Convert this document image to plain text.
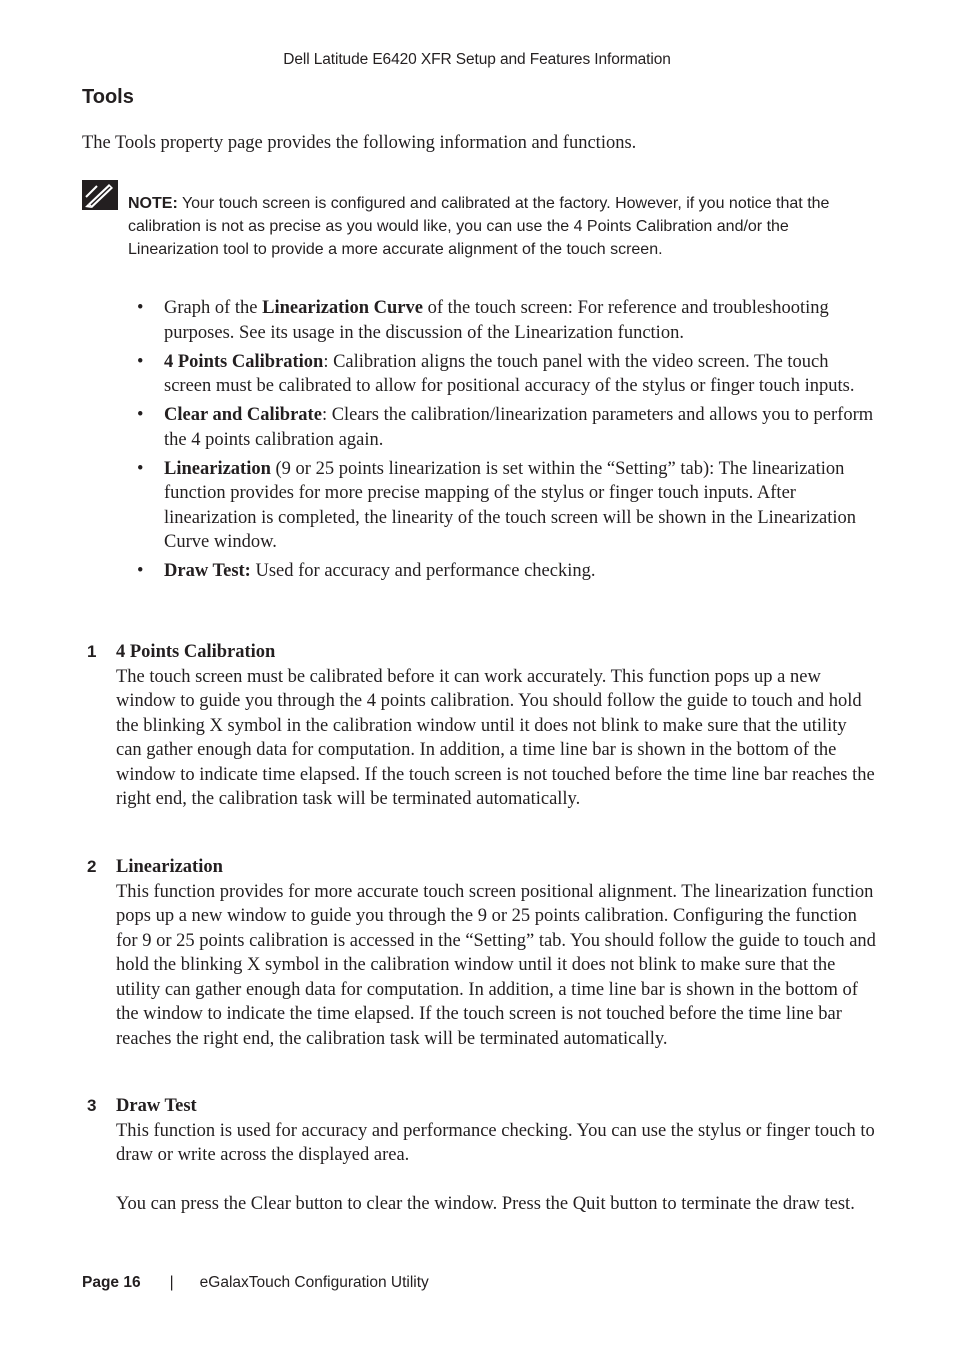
Dell Latitude E6420 XFR Setup and Features Information
Tools
The Tools property page provides the following information and functions.
NOTE: Your touch screen is configured and calibrated at the factory. However, if you notice that the calibration is not as precise as you would like, you can use the 4 Points Calibration and/or the Linearization tool to provide a more accurate alignment of the touch screen.
• Graph of the Linearization Curve of the touch screen: For reference and troubleshooting purposes. See its usage in the discussion of the Linearization function.
• 4 Points Calibration: Calibration aligns the touch panel with the video screen. The touch screen must be calibrated to allow for positional accuracy of the stylus or finger touch inputs.
• Clear and Calibrate: Clears the calibration/linearization parameters and allows you to perform the 4 points calibration again.
• Linearization (9 or 25 points linearization is set within the “Setting” tab): The linearization function provides for more precise mapping of the stylus or finger touch inputs. After linearization is completed, the linearity of the touch screen will be shown in the Linearization Curve window.
• Draw Test: Used for accuracy and performance checking.
1 4 Points Calibration

The touch screen must be calibrated before it can work accurately. This function pops up a new window to guide you through the 4 points calibration. You should follow the guide to touch and hold the blinking X symbol in the calibration window until it does not blink to make sure that the utility can gather enough data for computation. In addition, a time line bar is shown in the bottom of the window to indicate time elapsed. If the touch screen is not touched before the time line bar reaches the right end, the calibration task will be terminated automatically.

2 Linearization

This function provides for more accurate touch screen positional alignment. The linearization function pops up a new window to guide you through the 9 or 25 points calibration. Configuring the function for 9 or 25 points calibration is accessed in the “Setting” tab. You should follow the guide to touch and hold the blinking X symbol in the calibration window until it does not blink to make sure that the utility can gather enough data for computation. In addition, a time line bar is shown in the bottom of the window to indicate the time elapsed. If the touch screen is not touched before the time line bar reaches the right end, the calibration task will be terminated automatically.

3 Draw Test

This function is used for accuracy and performance checking. You can use the stylus or finger touch to draw or write across the displayed area.

You can press the Clear button to clear the window. Press the Quit button to terminate the draw test.

Page 16 | eGalaxTouch Configuration Utility
